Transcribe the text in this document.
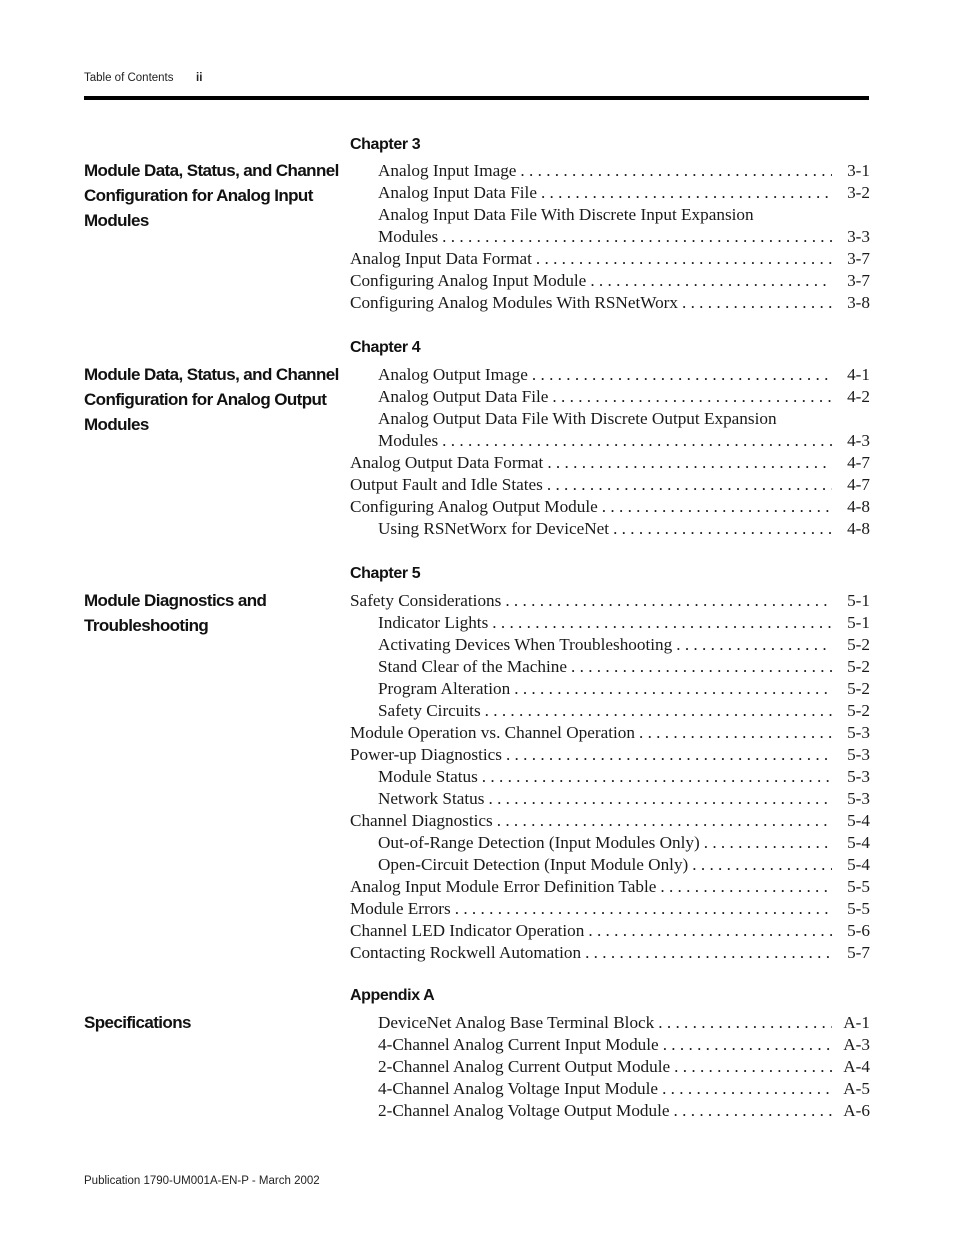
Table of Contents ii
Chapter 3
Module Data, Status, and Channel Configuration for Analog Input Modules
Analog Input Image . . .	3-1
Analog Input Data File . . .	3-2
Analog Input Data File With Discrete Input Expansion
Modules . . .	3-3
Analog Input Data Format . . .	3-7
Configuring Analog Input Module . . .	3-7
Configuring Analog Modules With RSNetWorx . . .	3-8
Chapter 4
Module Data, Status, and Channel Configuration for Analog Output Modules
Analog Output Image . . .	4-1
Analog Output Data File . . .	4-2
Analog Output Data File With Discrete Output Expansion
Modules . . .	4-3
Analog Output Data Format . . .	4-7
Output Fault and Idle States . . .	4-7
Configuring Analog Output Module . . .	4-8
Using RSNetWorx for DeviceNet . . .	4-8
Chapter 5
Module Diagnostics and Troubleshooting
Safety Considerations . . .	5-1
Indicator Lights . . .	5-1
Activating Devices When Troubleshooting . . .	5-2
Stand Clear of the Machine . . .	5-2
Program Alteration . . .	5-2
Safety Circuits . . .	5-2
Module Operation vs. Channel Operation . . .	5-3
Power-up Diagnostics . . .	5-3
Module Status . . .	5-3
Network Status . . .	5-3
Channel Diagnostics . . .	5-4
Out-of-Range Detection (Input Modules Only) . . .	5-4
Open-Circuit Detection (Input Module Only) . . .	5-4
Analog Input Module Error Definition Table . . .	5-5
Module Errors . . .	5-5
Channel LED Indicator Operation . . .	5-6
Contacting Rockwell Automation . . .	5-7
Appendix A
Specifications	DeviceNet Analog Base Terminal Block . . .	A-1
4-Channel Analog Current Input Module . . .	A-3
2-Channel Analog Current Output Module . . .	A-4
4-Channel Analog Voltage Input Module . . .	A-5
2-Channel Analog Voltage Output Module . . .	A-6
Publication 1790-UM001A-EN-P - March 2002
